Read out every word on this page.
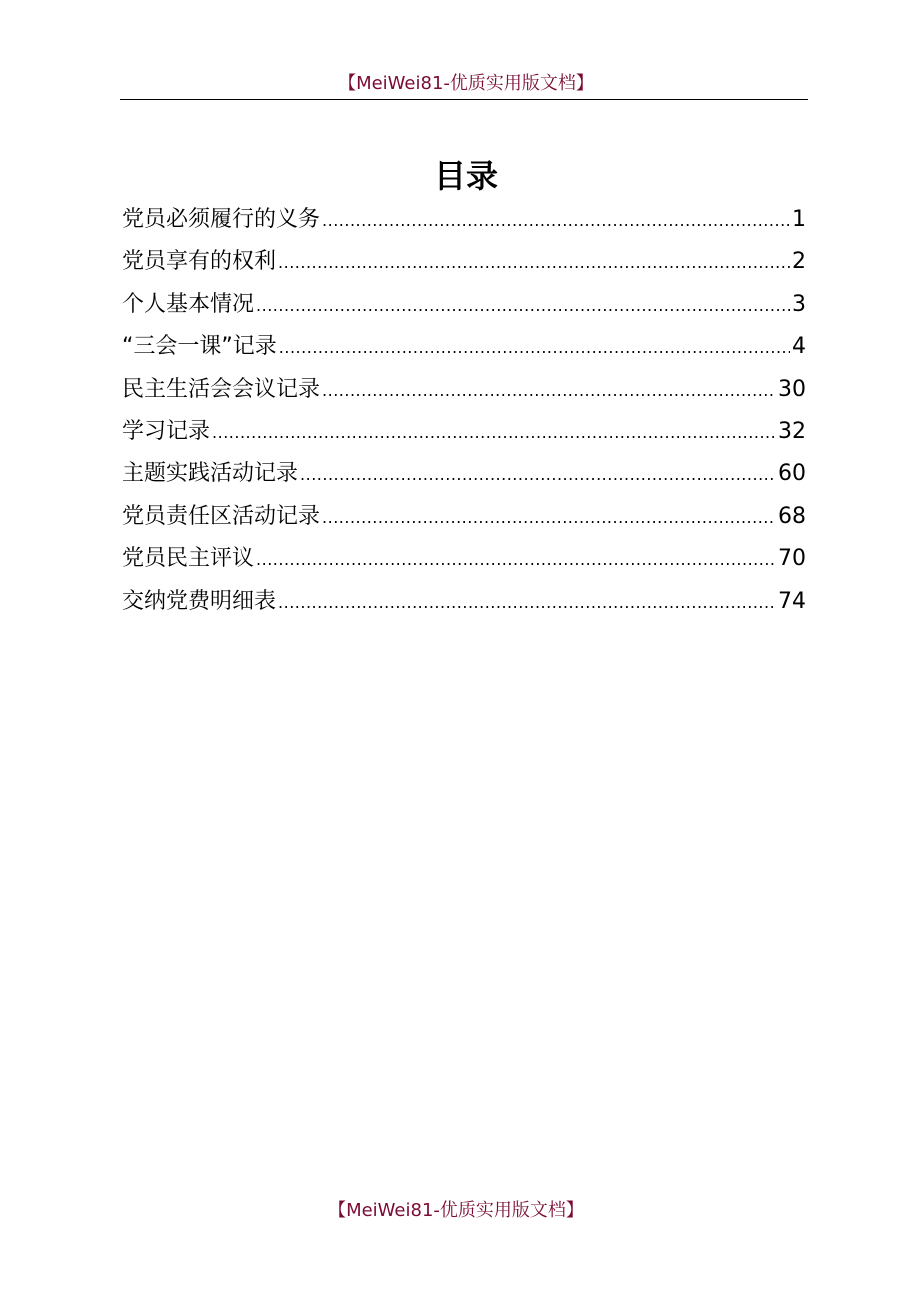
【MeiWei81-优质实用版文档】
目录
党员必须履行的义务 .....	1
党员享有的权利 .....	2
个人基本情况 .....	3
“三会一课”记录 .....	4
民主生活会会议记录 .....	30
学习记录 .....	32
主题实践活动记录 .....	60
党员责任区活动记录 .....	68
党员民主评议 .....	70
交纳党费明细表 .....	74
【MeiWei81-优质实用版文档】
